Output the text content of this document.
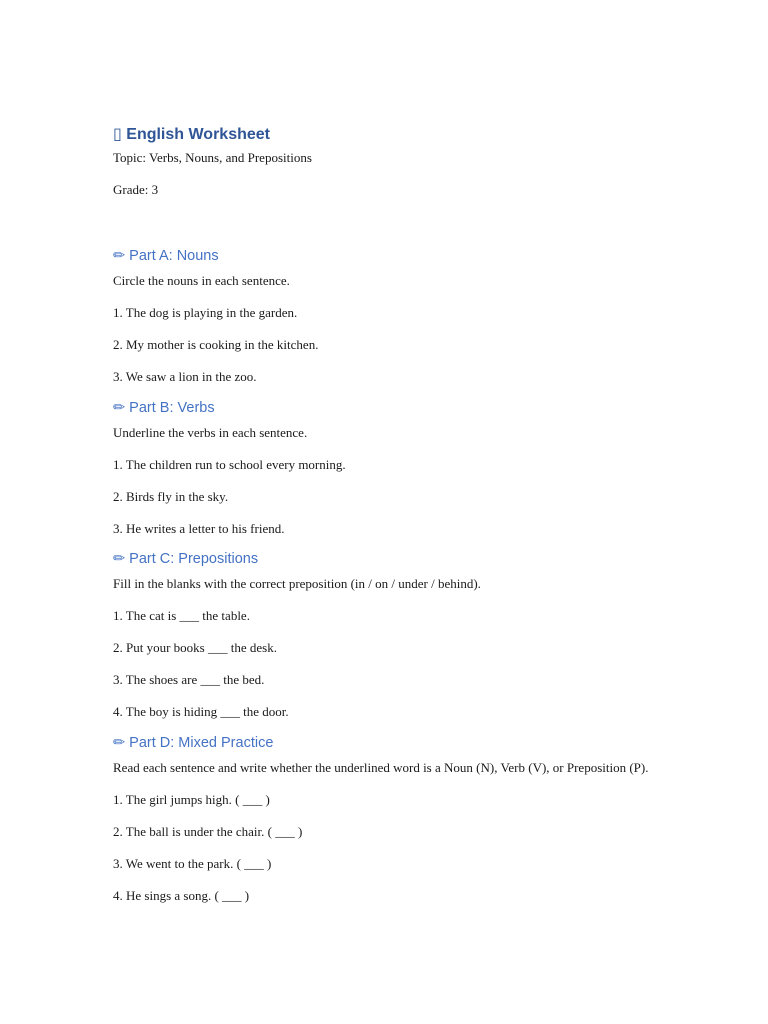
▯ English Worksheet

Topic: Verbs, Nouns, and Prepositions

Grade: 3

✏ Part A: Nouns

Circle the nouns in each sentence.

1. The dog is playing in the garden.

2. My mother is cooking in the kitchen.

3. We saw a lion in the zoo.

✏ Part B: Verbs

Underline the verbs in each sentence.

1. The children run to school every morning.

2. Birds fly in the sky.

3. He writes a letter to his friend.

✏ Part C: Prepositions

Fill in the blanks with the correct preposition (in / on / under / behind).

1. The cat is ___ the table.

2. Put your books ___ the desk.

3. The shoes are ___ the bed.

4. The boy is hiding ___ the door.

✏ Part D: Mixed Practice

Read each sentence and write whether the underlined word is a Noun (N), Verb (V), or Preposition (P).

1. The girl jumps high. ( ___ )

2. The ball is under the chair. ( ___ )

3. We went to the park. ( ___ )

4. He sings a song. ( ___ )
